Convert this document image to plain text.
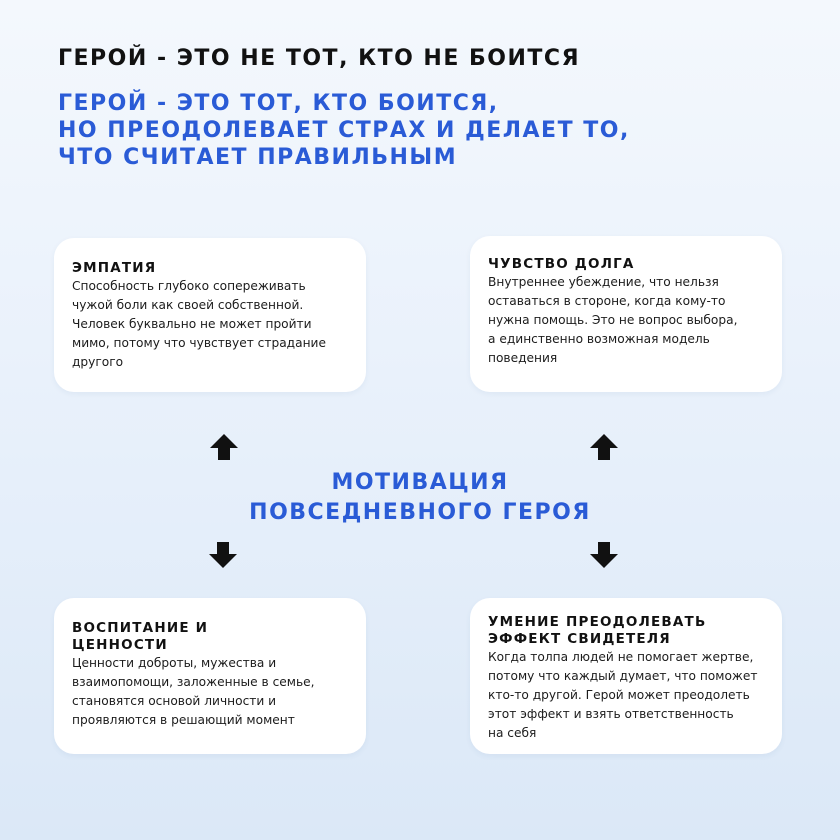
ГЕРОЙ - ЭТО НЕ ТОТ, КТО НЕ БОИТСЯ
ГЕРОЙ - ЭТО ТОТ, КТО БОИТСЯ,
НО ПРЕОДОЛЕВАЕТ СТРАХ И ДЕЛАЕТ ТО,
ЧТО СЧИТАЕТ ПРАВИЛЬНЫМ

ЭМПАТИЯ

Способность глубоко сопереживать
чужой боли как своей собственной.
Человек буквально не может пройти
мимо, потому что чувствует страдание
другого

ЧУВСТВО ДОЛГА

Внутреннее убеждение, что нельзя
оставаться в стороне, когда кому-то
нужна помощь. Это не вопрос выбора,
а единственно возможная модель
поведения

МОТИВАЦИЯ
ПОВСЕДНЕВНОГО ГЕРОЯ

ВОСПИТАНИЕ И
ЦЕННОСТИ

Ценности доброты, мужества и
взаимопомощи, заложенные в семье,
становятся основой личности и
проявляются в решающий момент

УМЕНИЕ ПРЕОДОЛЕВАТЬ
ЭФФЕКТ СВИДЕТЕЛЯ

Когда толпа людей не помогает жертве,
потому что каждый думает, что поможет
кто-то другой. Герой может преодолеть
этот эффект и взять ответственность
на себя
